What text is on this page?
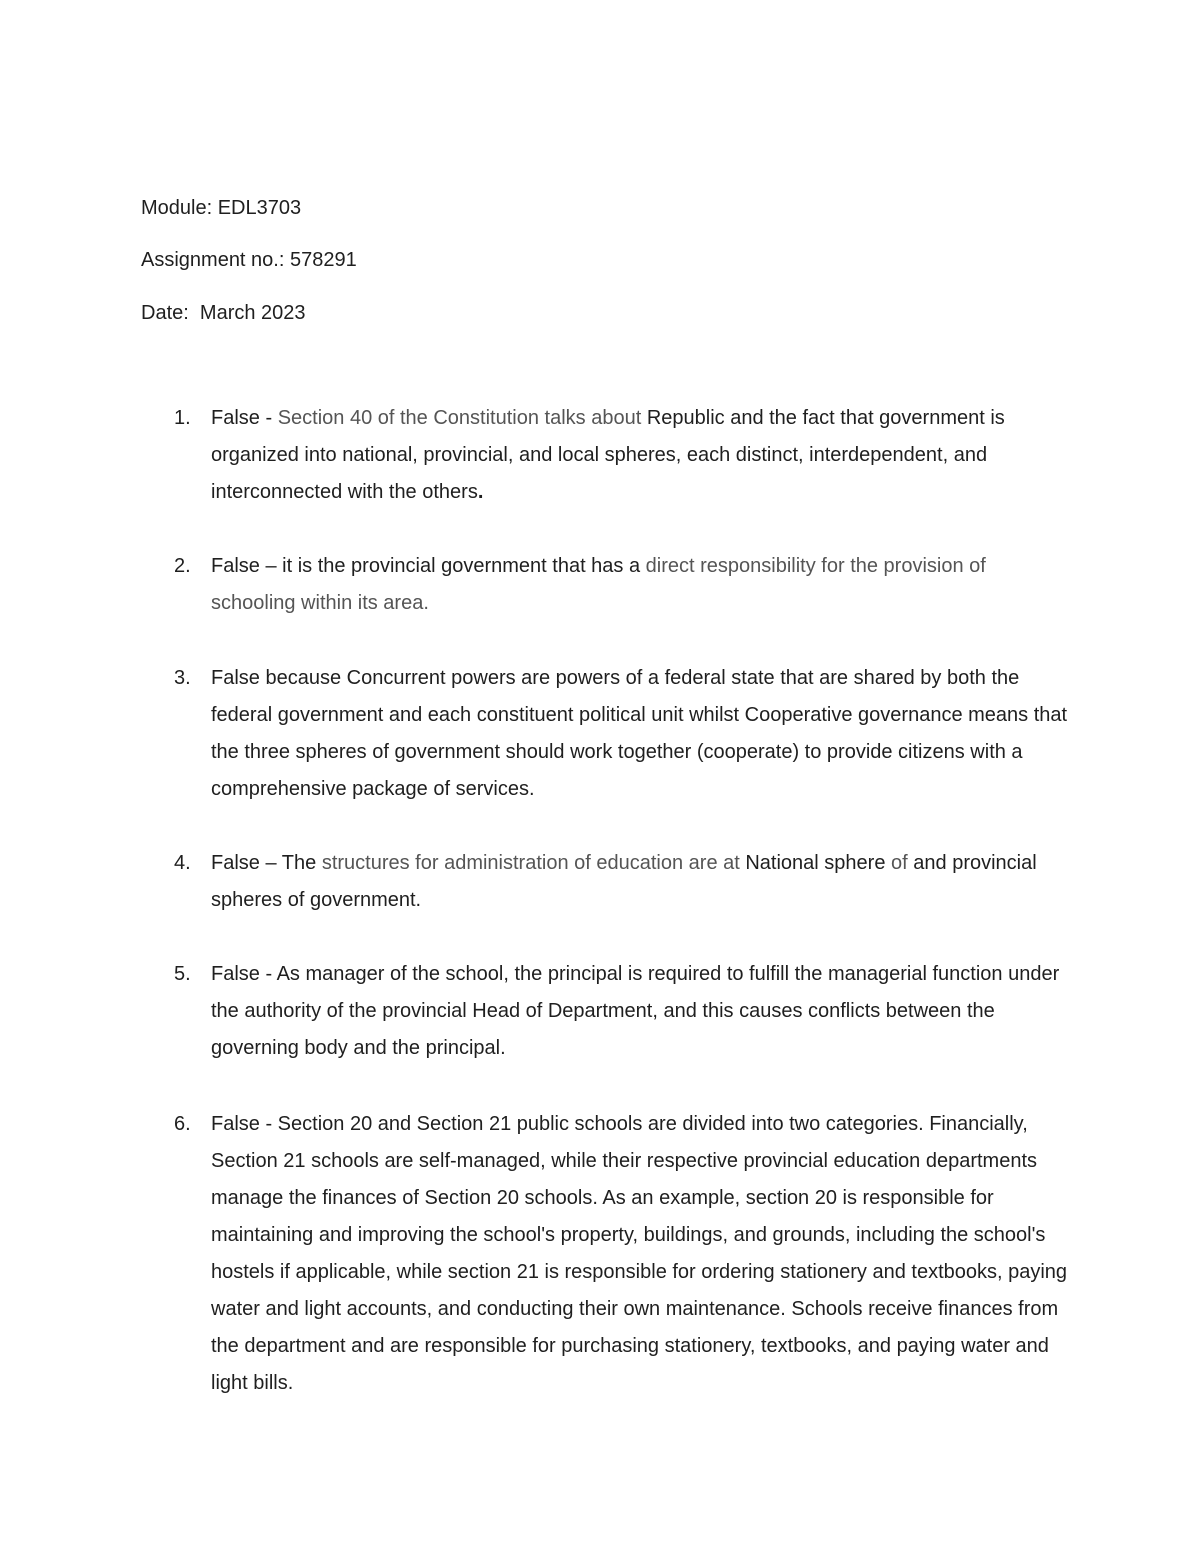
Module: EDL3703
Assignment no.: 578291
Date:  March 2023
1.	False - Section 40 of the Constitution talks about Republic and the fact that government is organized into national, provincial, and local spheres, each distinct, interdependent, and interconnected with the others.
2.	False – it is the provincial government that has a direct responsibility for the provision of schooling within its area.
3.	False because Concurrent powers are powers of a federal state that are shared by both the federal government and each constituent political unit whilst Cooperative governance means that the three spheres of government should work together (cooperate) to provide citizens with a comprehensive package of services.
4.	False – The structures for administration of education are at National sphere of and provincial spheres of government.
5.	False - As manager of the school, the principal is required to fulfill the managerial function under the authority of the provincial Head of Department, and this causes conflicts between the governing body and the principal.
6.	False - Section 20 and Section 21 public schools are divided into two categories. Financially, Section 21 schools are self-managed, while their respective provincial education departments manage the finances of Section 20 schools. As an example, section 20 is responsible for maintaining and improving the school's property, buildings, and grounds, including the school's hostels if applicable, while section 21 is responsible for ordering stationery and textbooks, paying water and light accounts, and conducting their own maintenance. Schools receive finances from the department and are responsible for purchasing stationery, textbooks, and paying water and light bills.
